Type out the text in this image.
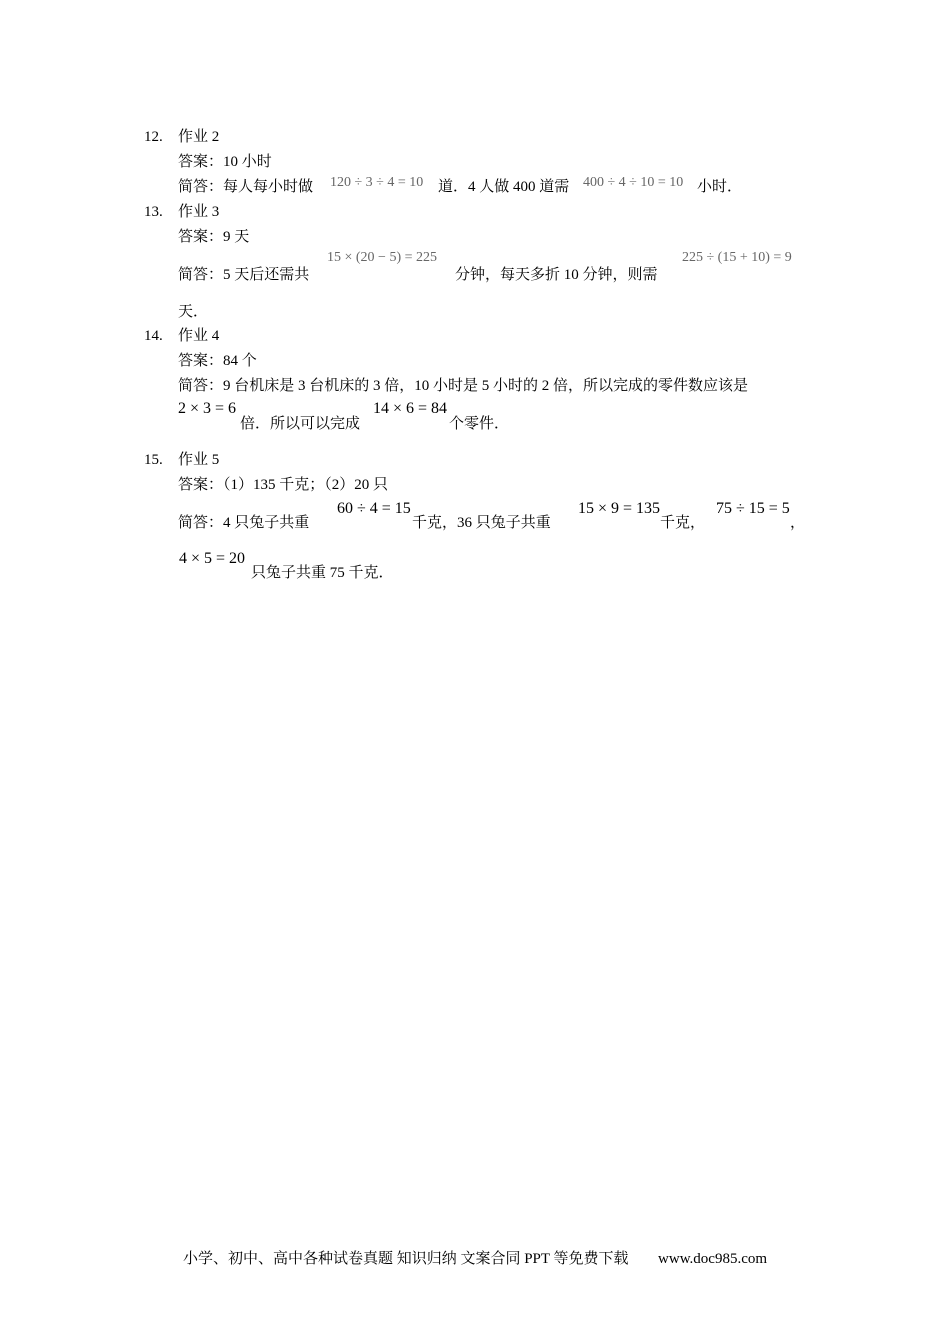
12. 作业 2
答案：10 小时
简答：每人每小时做 120 ÷ 3 ÷ 4 = 10 道．4 人做 400 道需 400 ÷ 4 ÷ 10 = 10 小时．
13. 作业 3
答案：9 天
简答：5 天后还需共
15 × (20 − 5) = 225
分钟，每天多折 10 分钟，则需
225 ÷ (15 + 10) = 9
天．
14. 作业 4
答案：84 个
简答：9 台机床是 3 台机床的 3 倍，10 小时是 5 小时的 2 倍，所以完成的零件数应该是
2 × 3 = 6
倍．所以可以完成
14 × 6 = 84
个零件．
15. 作业 5
答案：（1）135 千克；（2）20 只
简答：4 只兔子共重
60 ÷ 4 = 15
千克，36 只兔子共重
15 × 9 = 135
千克，
75 ÷ 15 = 5
，
4 × 5 = 20
只兔子共重 75 千克．
小学、初中、高中各种试卷真题 知识归纳 文案合同 PPT 等免费下载 www.doc985.com
